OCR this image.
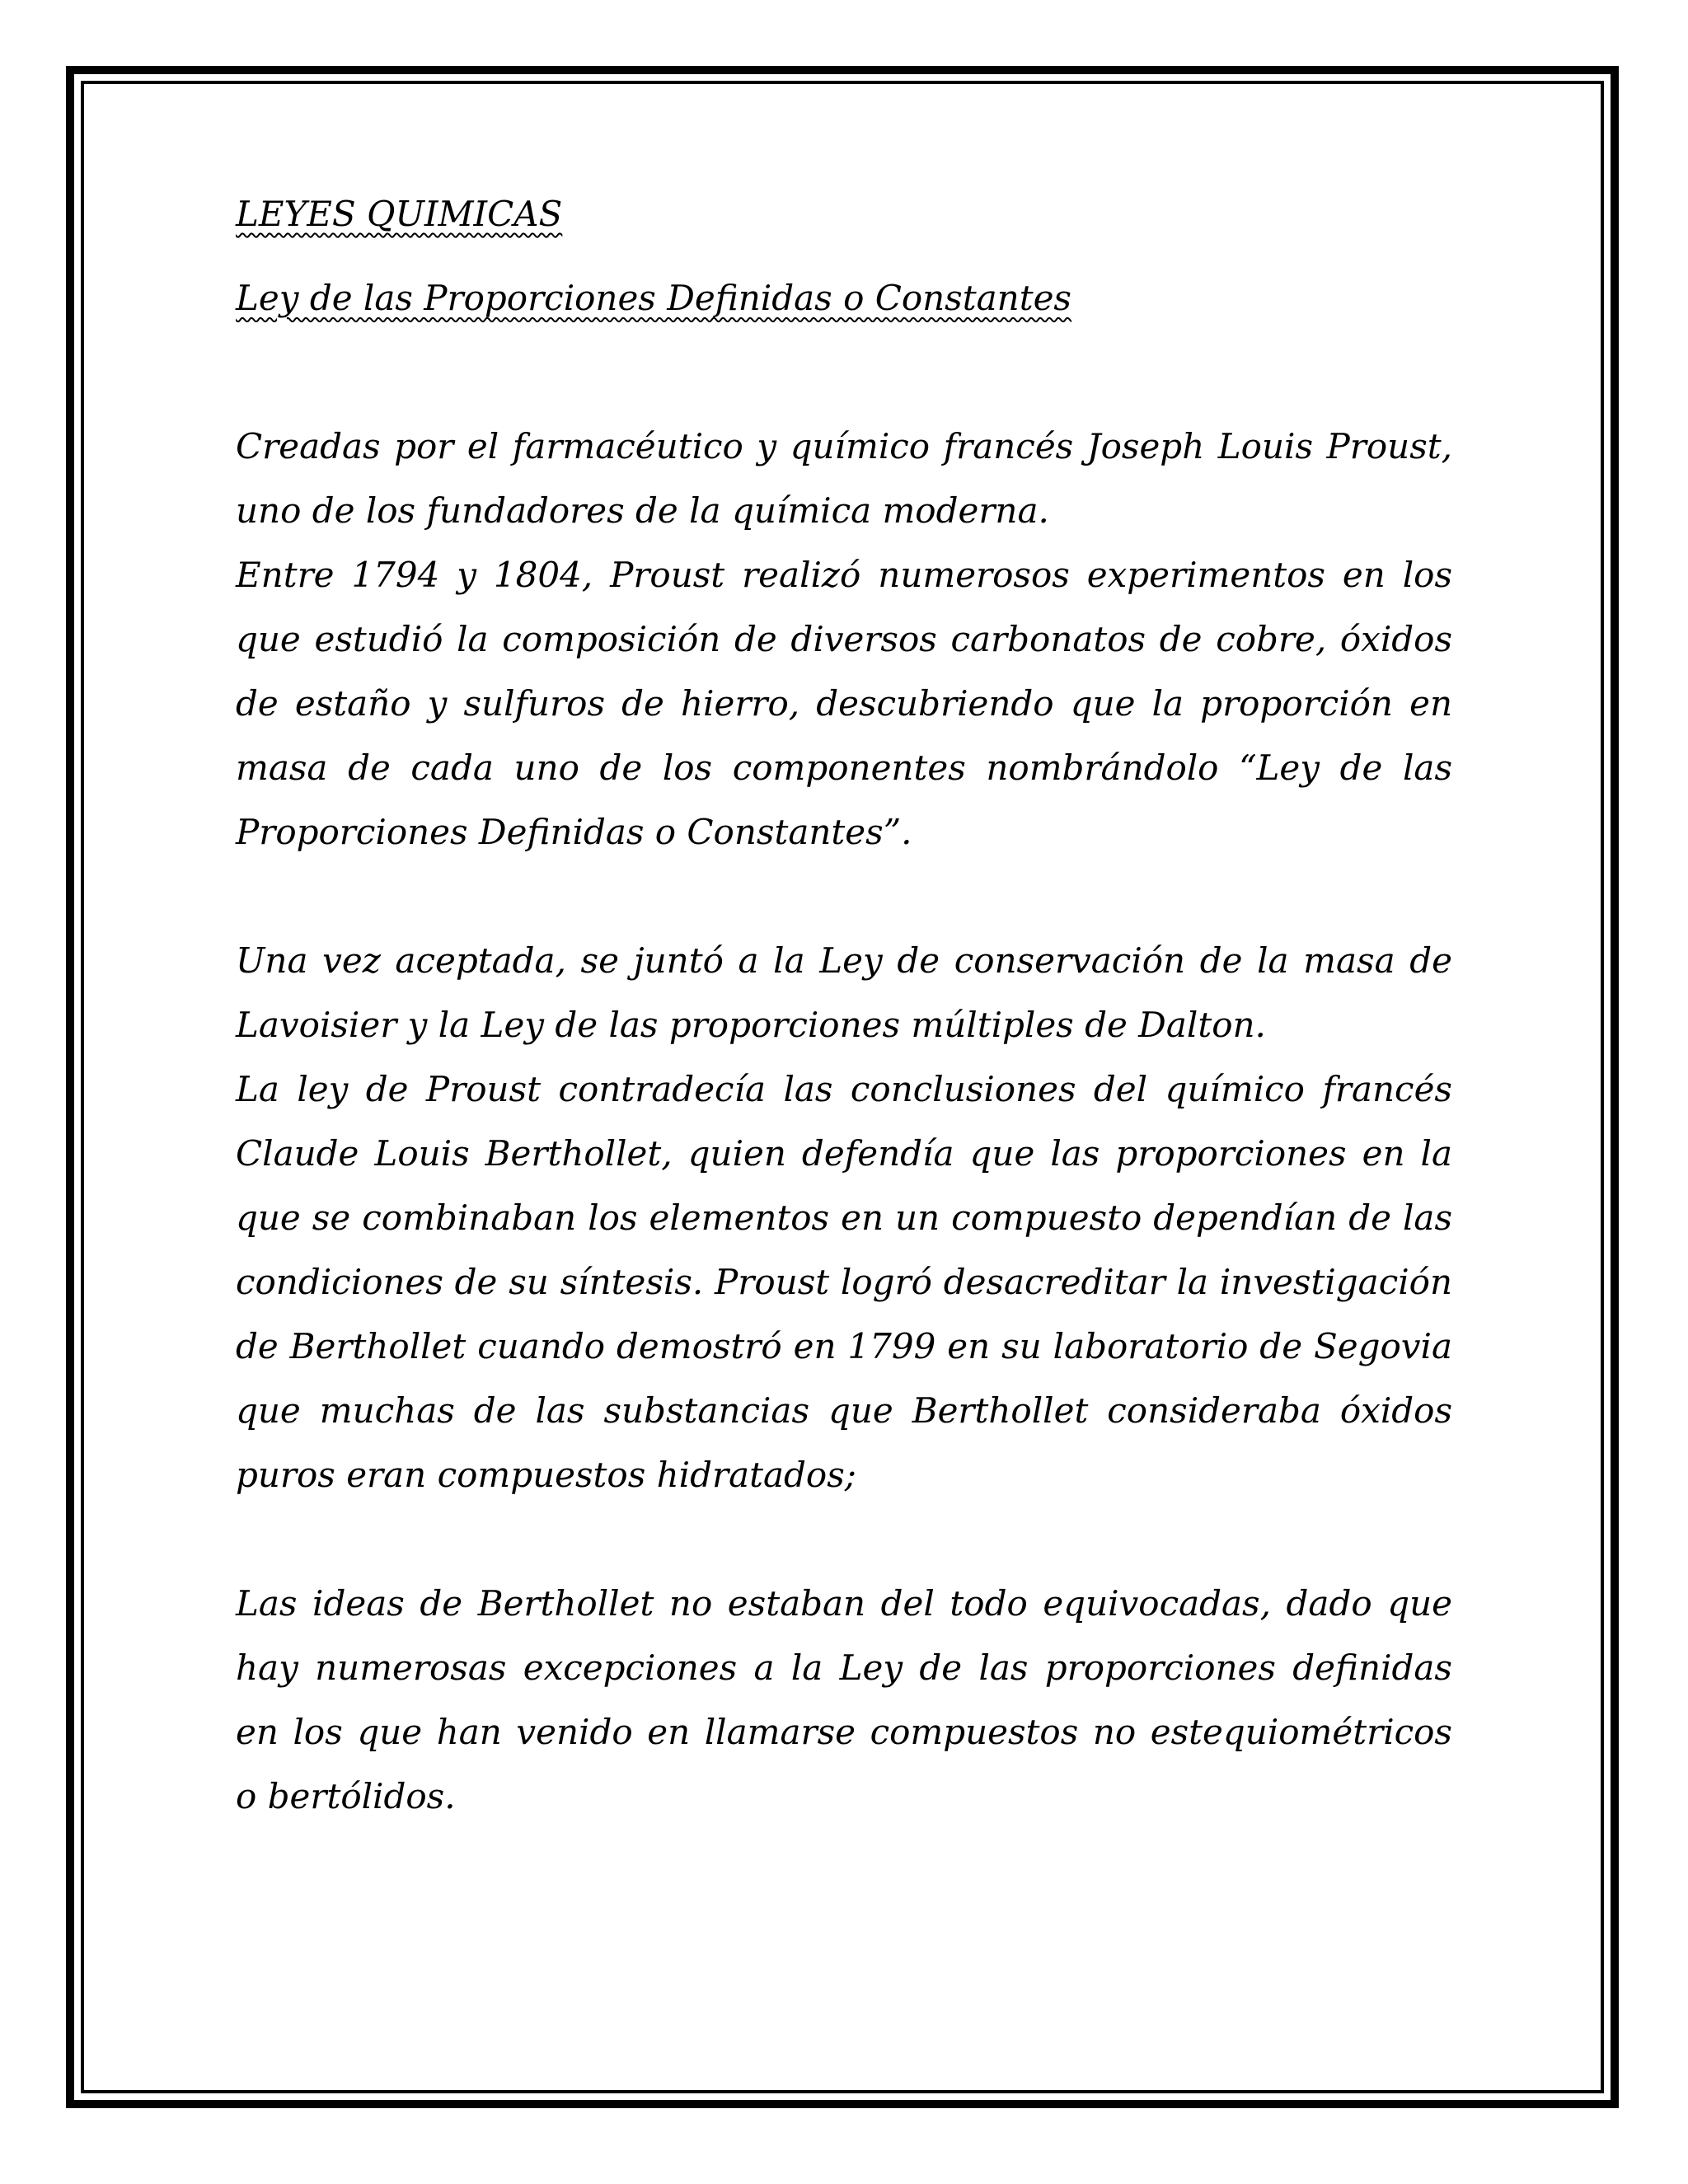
LEYES QUIMICAS
Ley de las Proporciones Definidas o Constantes

Creadas por el farmacéutico y químico francés Joseph Louis Proust, uno de los fundadores de la química moderna.

Entre 1794 y 1804, Proust realizó numerosos experimentos en los que estudió la composición de diversos carbonatos de cobre, óxidos de estaño y sulfuros de hierro, descubriendo que la proporción en masa de cada uno de los componentes nombrándolo “Ley de las Proporciones Definidas o Constantes”.

Una vez aceptada, se juntó a la Ley de conservación de la masa de Lavoisier y la Ley de las proporciones múltiples de Dalton.

La ley de Proust contradecía las conclusiones del químico francés Claude Louis Berthollet, quien defendía que las proporciones en la que se combinaban los elementos en un compuesto dependían de las condiciones de su síntesis. Proust logró desacreditar la investigación de Berthollet cuando demostró en 1799 en su laboratorio de Segovia que muchas de las substancias que Berthollet consideraba óxidos puros eran compuestos hidratados;

Las ideas de Berthollet no estaban del todo equivocadas, dado que hay numerosas excepciones a la Ley de las proporciones definidas en los que han venido en llamarse compuestos no estequiométricos o bertólidos.
